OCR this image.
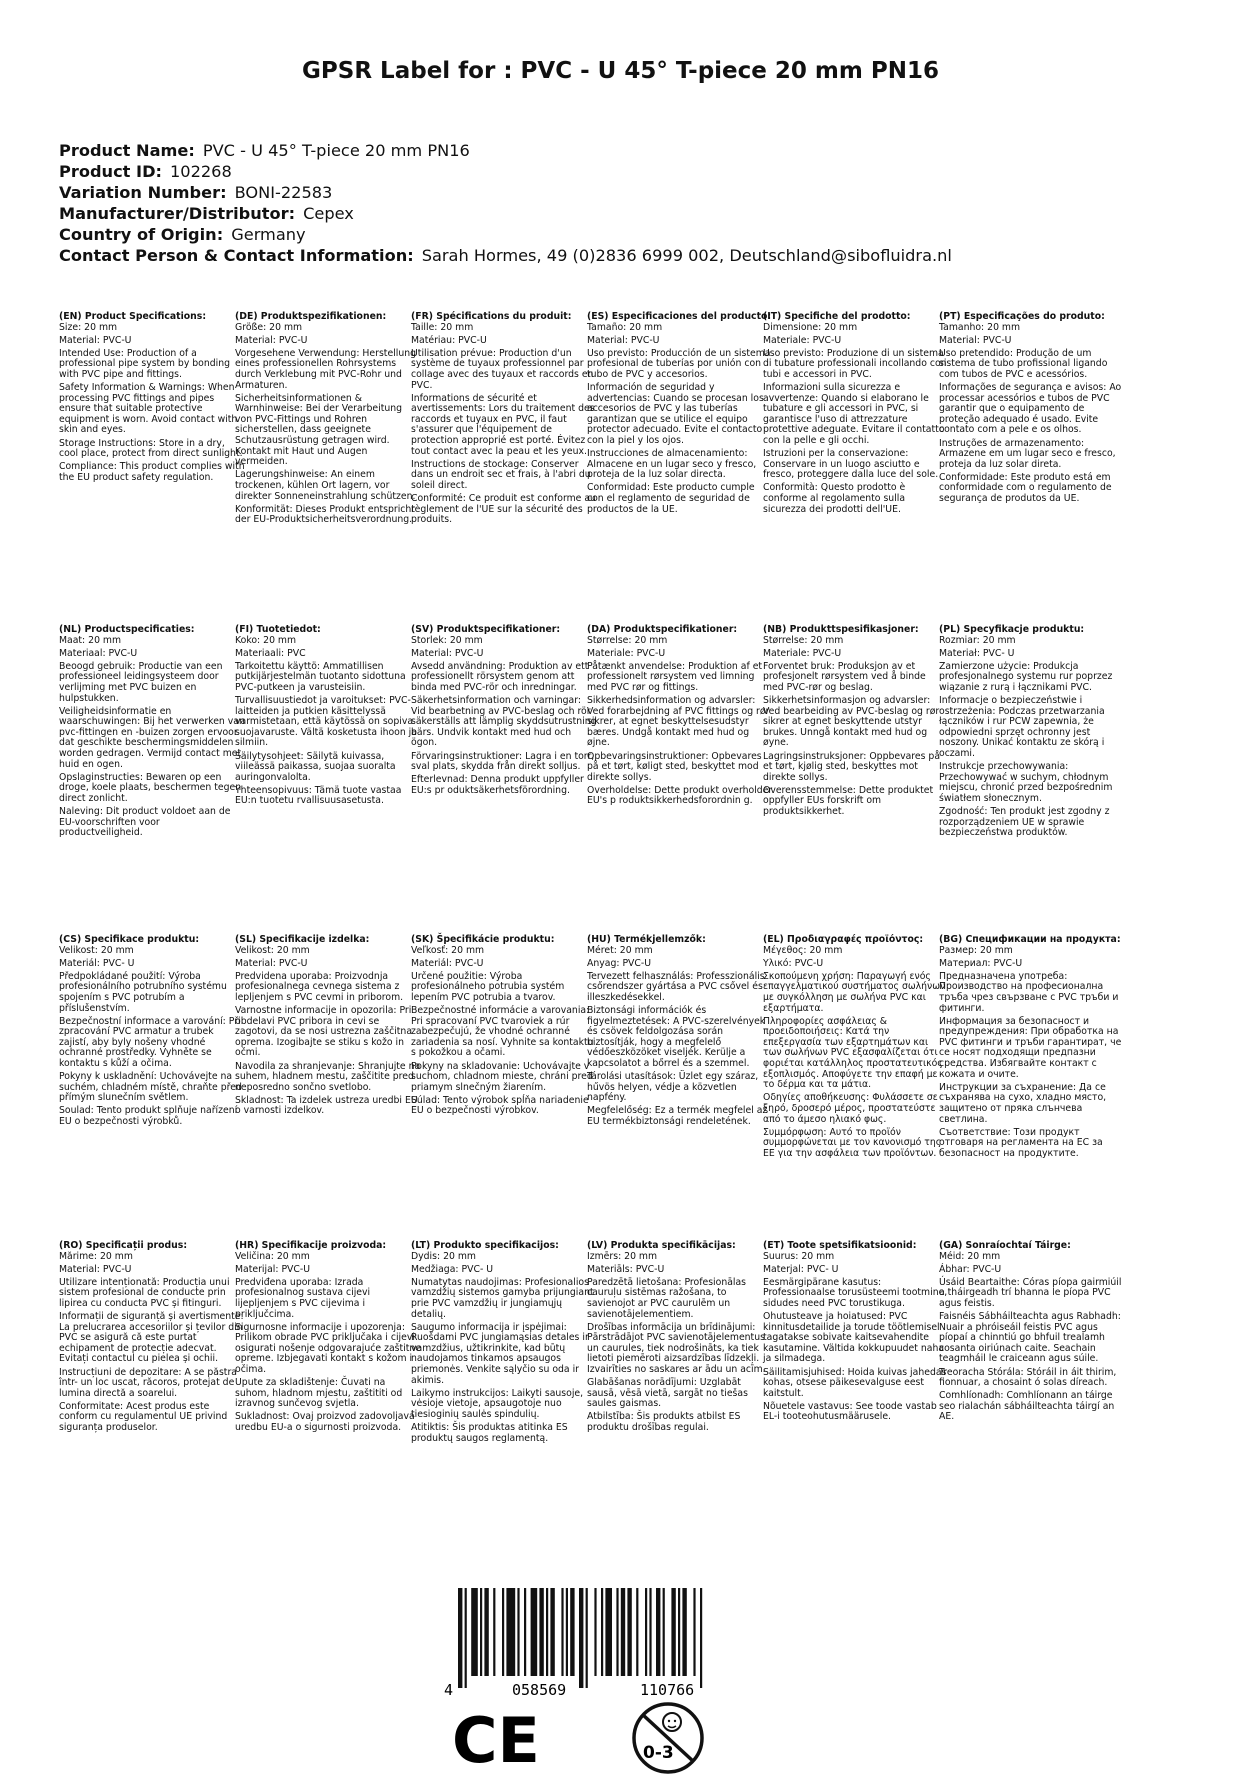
GPSR Label for : PVC - U 45° T-piece 20 mm PN16
Product Name: PVC - U 45° T-piece 20 mm PN16
Product ID: 102268
Variation Number: BONI-22583
Manufacturer/Distributor: Cepex
Country of Origin: Germany
Contact Person & Contact Information: Sarah Hormes, 49 (0)2836 6999 002, Deutschland@sibofluidra.nl
(EN) Product Specifications:

Size: 20 mm

Material: PVC-U

Intended Use: Production of a professional pipe system by bonding with PVC pipe and fittings.

Safety Information & Warnings: When processing PVC fittings and pipes ensure that suitable protective equipment is worn. Avoid contact with skin and eyes.

Storage Instructions: Store in a dry, cool place, protect from direct sunlight.

Compliance: This product complies with the EU product safety regulation.

(DE) Produktspezifikationen:

Größe: 20 mm

Material: PVC-U

Vorgesehene Verwendung: Herstellung eines professionellen Rohrsystems durch Verklebung mit PVC-Rohr und Armaturen.

Sicherheitsinformationen & Warnhinweise: Bei der Verarbeitung von PVC-Fittings und Rohren sicherstellen, dass geeignete Schutzausrüstung getragen wird. Kontakt mit Haut und Augen vermeiden.

Lagerungshinweise: An einem trockenen, kühlen Ort lagern, vor direkter Sonneneinstrahlung schützen.

Konformität: Dieses Produkt entspricht der EU-Produktsicherheitsverordnung.

(FR) Spécifications du produit:

Taille: 20 mm

Matériau: PVC-U

Utilisation prévue: Production d'un système de tuyaux professionnel par collage avec des tuyaux et raccords en PVC.

Informations de sécurité et avertissements: Lors du traitement des raccords et tuyaux en PVC, il faut s'assurer que l'équipement de protection approprié est porté. Évitez tout contact avec la peau et les yeux.

Instructions de stockage: Conserver dans un endroit sec et frais, à l'abri du soleil direct.

Conformité: Ce produit est conforme au règlement de l'UE sur la sécurité des produits.

(ES) Especificaciones del producto:

Tamaño: 20 mm

Material: PVC-U

Uso previsto: Producción de un sistema profesional de tuberías por unión con tubo de PVC y accesorios.

Información de seguridad y advertencias: Cuando se procesan los accesorios de PVC y las tuberías garantizan que se utilice el equipo protector adecuado. Evite el contacto con la piel y los ojos.

Instrucciones de almacenamiento: Almacene en un lugar seco y fresco, proteja de la luz solar directa.

Conformidad: Este producto cumple con el reglamento de seguridad de productos de la UE.

(IT) Specifiche del prodotto:

Dimensione: 20 mm

Materiale: PVC-U

Uso previsto: Produzione di un sistema di tubature professionali incollando con tubi e accessori in PVC.

Informazioni sulla sicurezza e avvertenze: Quando si elaborano le tubature e gli accessori in PVC, si garantisce l'uso di attrezzature protettive adeguate. Evitare il contatto con la pelle e gli occhi.

Istruzioni per la conservazione: Conservare in un luogo asciutto e fresco, proteggere dalla luce del sole.

Conformità: Questo prodotto è conforme al regolamento sulla sicurezza dei prodotti dell'UE.

(PT) Especificações do produto:

Tamanho: 20 mm

Material: PVC-U

Uso pretendido: Produção de um sistema de tubo profissional ligando com tubos de PVC e acessórios.

Informações de segurança e avisos: Ao processar acessórios e tubos de PVC garantir que o equipamento de proteção adequado é usado. Evite contato com a pele e os olhos.

Instruções de armazenamento: Armazene em um lugar seco e fresco, proteja da luz solar direta.

Conformidade: Este produto está em conformidade com o regulamento de segurança de produtos da UE.

(NL) Productspecificaties:

Maat: 20 mm

Materiaal: PVC-U

Beoogd gebruik: Productie van een professioneel leidingsysteem door verlijming met PVC buizen en hulpstukken.

Veiligheidsinformatie en waarschuwingen: Bij het verwerken van pvc-fittingen en -buizen zorgen ervoor dat geschikte beschermingsmiddelen worden gedragen. Vermijd contact met huid en ogen.

Opslaginstructies: Bewaren op een droge, koele plaats, beschermen tegen direct zonlicht.

Naleving: Dit product voldoet aan de EU-voorschriften voor productveiligheid.

(FI) Tuotetiedot:

Koko: 20 mm

Materiaali: PVC

Tarkoitettu käyttö: Ammatillisen putkijärjestelmän tuotanto sidottuna PVC-putkeen ja varusteisiin.

Turvallisuustiedot ja varoitukset: PVC-laitteiden ja putkien käsittelyssä varmistetaan, että käytössä on sopiva suojavaruste. Vältä kosketusta ihoon ja silmiin.

Säilytysohjeet: Säilytä kuivassa, viileässä paikassa, suojaa suoralta auringonvalolta.

Yhteensopivuus: Tämä tuote vastaa EU:n tuotetu rvallisuusasetusta.

(SV) Produktspecifikationer:

Storlek: 20 mm

Material: PVC-U

Avsedd användning: Produktion av ett professionellt rörsystem genom att binda med PVC-rör och inredningar.

Säkerhetsinformation och varningar: Vid bearbetning av PVC-beslag och rör säkerställs att lämplig skyddsutrustning bärs. Undvik kontakt med hud och ögon.

Förvaringsinstruktioner: Lagra i en torr, sval plats, skydda från direkt solljus.

Efterlevnad: Denna produkt uppfyller EU:s pr oduktsäkerhetsförordning.

(DA) Produktspecifikationer:

Størrelse: 20 mm

Materiale: PVC-U

Påtænkt anvendelse: Produktion af et professionelt rørsystem ved limning med PVC rør og fittings.

Sikkerhedsinformation og advarsler: Ved forarbejdning af PVC fittings og rør sikrer, at egnet beskyttelsesudstyr bæres. Undgå kontakt med hud og øjne.

Opbevaringsinstruktioner: Opbevares på et tørt, køligt sted, beskyttet mod direkte sollys.

Overholdelse: Dette produkt overholder EU's p roduktsikkerhedsforordnin g.

(NB) Produkttspesifikasjoner:

Størrelse: 20 mm

Materiale: PVC-U

Forventet bruk: Produksjon av et profesjonelt rørsystem ved å binde med PVC-rør og beslag.

Sikkerhetsinformasjon og advarsler: Ved bearbeiding av PVC-beslag og rør sikrer at egnet beskyttende utstyr brukes. Unngå kontakt med hud og øyne.

Lagringsinstruksjoner: Oppbevares på et tørt, kjølig sted, beskyttes mot direkte sollys.

Overensstemmelse: Dette produktet oppfyller EUs forskrift om produktsikkerhet.

(PL) Specyfikacje produktu:

Rozmiar: 20 mm

Materiał: PVC- U

Zamierzone użycie: Produkcja profesjonalnego systemu rur poprzez wiązanie z rurą i łącznikami PVC.

Informacje o bezpieczeństwie i ostrzeżenia: Podczas przetwarzania łączników i rur PCW zapewnia, że odpowiedni sprzęt ochronny jest noszony. Unikać kontaktu ze skórą i oczami.

Instrukcje przechowywania: Przechowywać w suchym, chłodnym miejscu, chronić przed bezpośrednim światłem słonecznym.

Zgodność: Ten produkt jest zgodny z rozporządzeniem UE w sprawie bezpieczeństwa produktów.

(CS) Specifikace produktu:

Velikost: 20 mm

Materiál: PVC- U

Předpokládané použití: Výroba profesionálního potrubního systému spojením s PVC potrubím a příslušenstvím.

Bezpečnostní informace a varování: Při zpracování PVC armatur a trubek zajistí, aby byly nošeny vhodné ochranné prostředky. Vyhněte se kontaktu s kůží a očima.

Pokyny k uskladnění: Uchovávejte na suchém, chladném místě, chraňte před přímým slunečním světlem.

Soulad: Tento produkt splňuje nařízení EU o bezpečnosti výrobků.

(SL) Specifikacije izdelka:

Velikost: 20 mm

Material: PVC-U

Predvidena uporaba: Proizvodnja profesionalnega cevnega sistema z lepljenjem s PVC cevmi in priborom.

Varnostne informacije in opozorila: Pri obdelavi PVC pribora in cevi se zagotovi, da se nosi ustrezna zaščitna oprema. Izogibajte se stiku s kožo in očmi.

Navodila za shranjevanje: Shranjujte na suhem, hladnem mestu, zaščitite pred neposredno sončno svetlobo.

Skladnost: Ta izdelek ustreza uredbi EU o varnosti izdelkov.

(SK) Špecifikácie produktu:

Veľkosť: 20 mm

Materiál: PVC-U

Určené použitie: Výroba profesionálneho potrubia systém lepením PVC potrubia a tvarov.

Bezpečnostné informácie a varovania: Pri spracovaní PVC tvaroviek a rúr zabezpečujú, že vhodné ochranné zariadenia sa nosí. Vyhnite sa kontaktu s pokožkou a očami.

Pokyny na skladovanie: Uchovávajte v suchom, chladnom mieste, chráni pred priamym slnečným žiarením.

Súlad: Tento výrobok spĺňa nariadenie EU o bezpečnosti výrobkov.

(HU) Termékjellemzők:

Méret: 20 mm

Anyag: PVC-U

Tervezett felhasználás: Professzionális csőrendszer gyártása a PVC csővel és illeszkedésekkel.

Biztonsági információk és figyelmeztetések: A PVC-szerelvények és csövek feldolgozása során biztosítják, hogy a megfelelő védőeszközöket viseljék. Kerülje a kapcsolatot a bőrrel és a szemmel.

Tárolási utasítások: Üzlet egy száraz, hűvös helyen, védje a közvetlen napfény.

Megfelelőség: Ez a termék megfelel az EU termékbiztonsági rendeletének.

(EL) Προδιαγραφές προϊόντος:

Μέγεθος: 20 mm

Υλικό: PVC-U

Σκοπούμενη χρήση: Παραγωγή ενός επαγγελματικού συστήματος σωλήνων με συγκόλληση με σωλήνα PVC και εξαρτήματα.

Πληροφορίες ασφάλειας & προειδοποιήσεις: Κατά την επεξεργασία των εξαρτημάτων και των σωλήνων PVC εξασφαλίζεται ότι φοριέται κατάλληλος προστατευτικός εξοπλισμός. Αποφύγετε την επαφή με το δέρμα και τα μάτια.

Οδηγίες αποθήκευσης: Φυλάσσετε σε ξηρό, δροσερό μέρος, προστατεύστε από το άμεσο ηλιακό φως.

Συμμόρφωση: Αυτό το προϊόν συμμορφώνεται με τον κανονισμό της ΕΕ για την ασφάλεια των προϊόντων.

(BG) Спецификации на продукта:

Размер: 20 mm

Материал: PVC-U

Предназначена употреба: Производство на професионална тръба чрез свързване с PVC тръби и фитинги.

Информация за безопасност и предупреждения: При обработка на PVC фитинги и тръби гарантират, че се носят подходящи предпазни средства. Избягвайте контакт с кожата и очите.

Инструкции за съхранение: Да се съхранява на сухо, хладно място, защитено от пряка слънчева светлина.

Съответствие: Този продукт отговаря на регламента на ЕС за безопасност на продуктите.

(RO) Specificații produs:

Mărime: 20 mm

Material: PVC-U

Utilizare intenționată: Producția unui sistem profesional de conducte prin lipirea cu conducta PVC și fitinguri.

Informații de siguranță și avertismente: La prelucrarea accesoriilor și țevilor din PVC se asigură că este purtat echipament de protecție adecvat. Evitați contactul cu pielea și ochii.

Instrucțiuni de depozitare: A se păstra într- un loc uscat, răcoros, protejat de lumina directă a soarelui.

Conformitate: Acest produs este conform cu regulamentul UE privind siguranța produselor.

(HR) Specifikacije proizvoda:

Veličina: 20 mm

Materijal: PVC-U

Predviđena uporaba: Izrada profesionalnog sustava cijevi lijepljenjem s PVC cijevima i priključcima.

Sigurnosne informacije i upozorenja: Prilikom obrade PVC priključaka i cijevi osigurati nošenje odgovarajuće zaštitne opreme. Izbjegavati kontakt s kožom i očima.

Upute za skladištenje: Čuvati na suhom, hladnom mjestu, zaštititi od izravnog sunčevog svjetla.

Sukladnost: Ovaj proizvod zadovoljava uredbu EU-a o sigurnosti proizvoda.

(LT) Produkto specifikacijos:

Dydis: 20 mm

Medžiaga: PVC- U

Numatytas naudojimas: Profesionalios vamzdžių sistemos gamyba prijungiant prie PVC vamzdžių ir jungiamųjų detalių.

Saugumo informacija ir įspėjimai: Ruošdami PVC jungiamąsias detales ir vamzdžius, užtikrinkite, kad būtų naudojamos tinkamos apsaugos priemonės. Venkite sąlyčio su oda ir akimis.

Laikymo instrukcijos: Laikyti sausoje, vėsioje vietoje, apsaugotoje nuo tiesioginių saulės spindulių.

Atitiktis: Šis produktas atitinka ES produktų saugos reglamentą.

(LV) Produkta specifikācijas:

Izmērs: 20 mm

Materiāls: PVC-U

Paredzētā lietošana: Profesionālas cauruļu sistēmas ražošana, to savienojot ar PVC caurulēm un savienotājelementiem.

Drošības informācija un brīdinājumi: Pārstrādājot PVC savienotājelementus un caurules, tiek nodrošināts, ka tiek lietoti piemēroti aizsardzības līdzekļi. Izvairīties no saskares ar ādu un acīm.

Glabāšanas norādījumi: Uzglabāt sausā, vēsā vietā, sargāt no tiešas saules gaismas.

Atbilstība: Šis produkts atbilst ES produktu drošības regulai.

(ET) Toote spetsifikatsioonid:

Suurus: 20 mm

Materjal: PVC- U

Eesmärgipärane kasutus: Professionaalse torusüsteemi tootmine, sidudes need PVC torustikuga.

Ohutusteave ja hoiatused: PVC kinnitusdetailide ja torude töötlemisel tagatakse sobivate kaitsevahendite kasutamine. Vältida kokkupuudet naha ja silmadega.

Säilitamisjuhised: Hoida kuivas jahedas kohas, otsese päikesevalguse eest kaitstult.

Nõuetele vastavus: See toode vastab EL-i tooteohutusmäärusele.

(GA) Sonraíochtaí Táirge:

Méid: 20 mm

Ábhar: PVC-U

Úsáid Beartaithe: Córas píopa gairmiúil a tháirgeadh trí bhanna le píopa PVC agus feistis.

Faisnéis Sábháilteachta agus Rabhadh: Nuair a phróiseáil feistis PVC agus píopaí a chinntiú go bhfuil trealamh cosanta oiriúnach caite. Seachain teagmháil le craiceann agus súile.

Treoracha Stórála: Stóráil in áit thirim, fionnuar, a chosaint ó solas díreach.

Comhlíonadh: Comhlíonann an táirge seo rialachán sábháilteachta táirgí an AE.

4	058569	110766
CE	0-3
